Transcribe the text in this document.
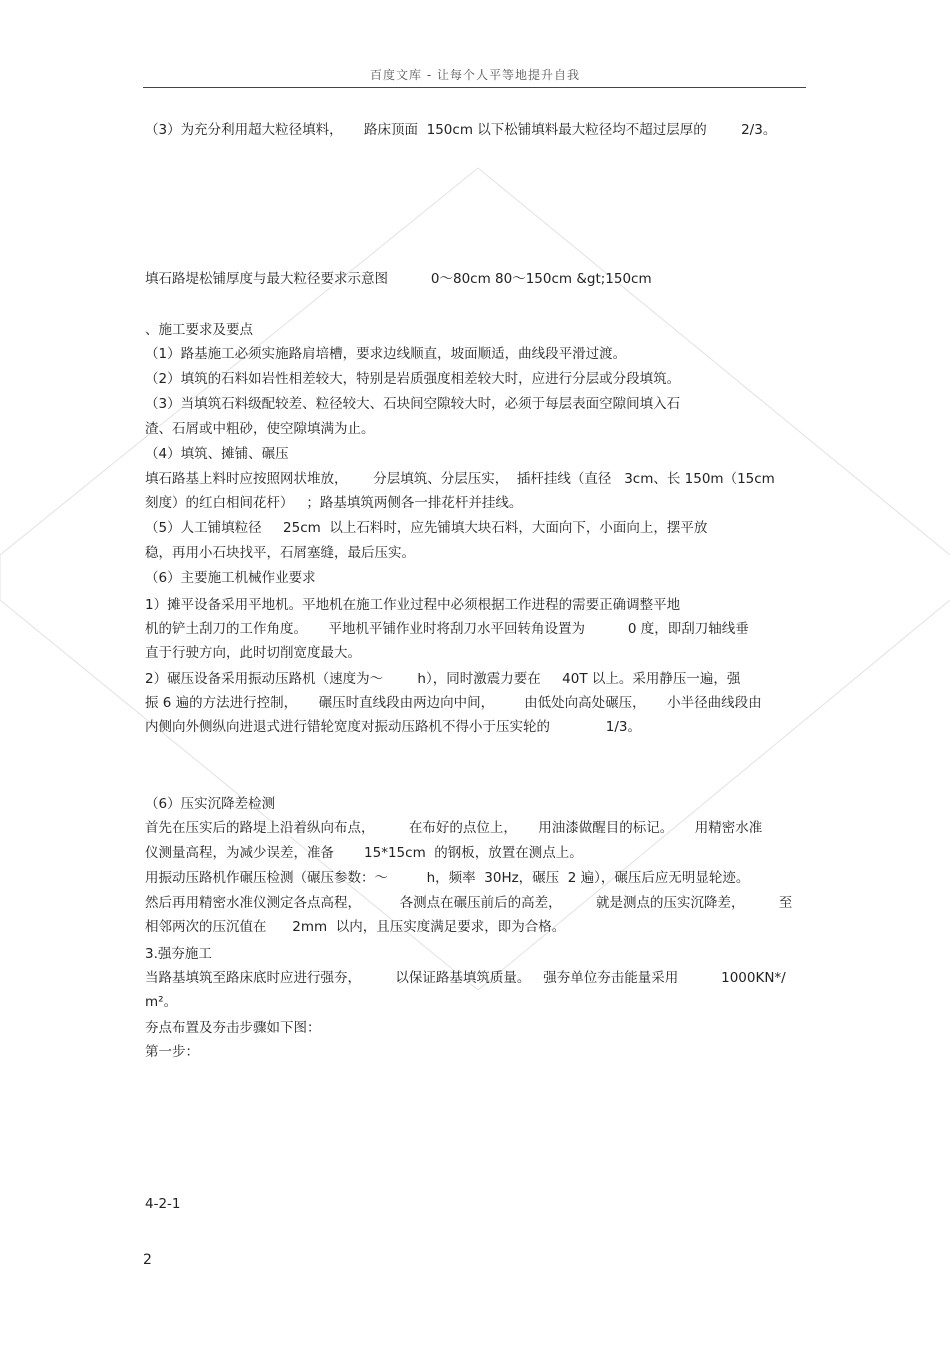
百度文库 - 让每个人平等地提升自我
（3）为充分利用超大粒径填料，     路床顶面  150cm 以下松铺填料最大粒径均不超过层厚的        2/3。
填石路堤松铺厚度与最大粒径要求示意图          0～80cm 80～150cm &gt;150cm
、施工要求及要点
（1）路基施工必须实施路肩培槽，要求边线顺直，坡面顺适，曲线段平滑过渡。
（2）填筑的石料如岩性相差较大，特别是岩质强度相差较大时，应进行分层或分段填筑。
（3）当填筑石料级配较差、粒径较大、石块间空隙较大时，必须于每层表面空隙间填入石
渣、石屑或中粗砂，使空隙填满为止。
（4）填筑、摊铺、碾压
填石路基上料时应按照网状堆放，      分层填筑、分层压实，  插杆挂线（直径   3cm、长 150m（15cm
刻度）的红白相间花杆）   ；路基填筑两侧各一排花杆并挂线。
（5）人工铺填粒径     25cm  以上石料时，应先铺填大块石料，大面向下，小面向上，摆平放
稳，再用小石块找平，石屑塞缝，最后压实。
（6）主要施工机械作业要求
1）摊平设备采用平地机。平地机在施工作业过程中必须根据工作进程的需要正确调整平地
机的铲土刮刀的工作角度。     平地机平铺作业时将刮刀水平回转角设置为          0 度，即刮刀轴线垂
直于行驶方向，此时切削宽度最大。
2）碾压设备采用振动压路机（速度为～        h），同时激震力要在     40T 以上。采用静压一遍，强
振 6 遍的方法进行控制，     碾压时直线段由两边向中间，       由低处向高处碾压，     小半径曲线段由
内侧向外侧纵向进退式进行错轮宽度对振动压路机不得小于压实轮的             1/3。
（6）压实沉降差检测
首先在压实后的路堤上沿着纵向布点，        在布好的点位上，     用油漆做醒目的标记。     用精密水准
仪测量高程，为减少误差，准备       15*15cm  的钢板，放置在测点上。
用振动压路机作碾压检测（碾压参数：～         h，频率  30Hz，碾压  2 遍），碾压后应无明显轮迹。
然后再用精密水准仪测定各点高程，         各测点在碾压前后的高差，        就是测点的压实沉降差，        至
相邻两次的压沉值在      2mm  以内，且压实度满足要求，即为合格。
3.强夯施工
当路基填筑至路床底时应进行强夯，        以保证路基填筑质量。   强夯单位夯击能量采用          1000KN*/
m²。
夯点布置及夯击步骤如下图：
第一步：
4-2-1
2
